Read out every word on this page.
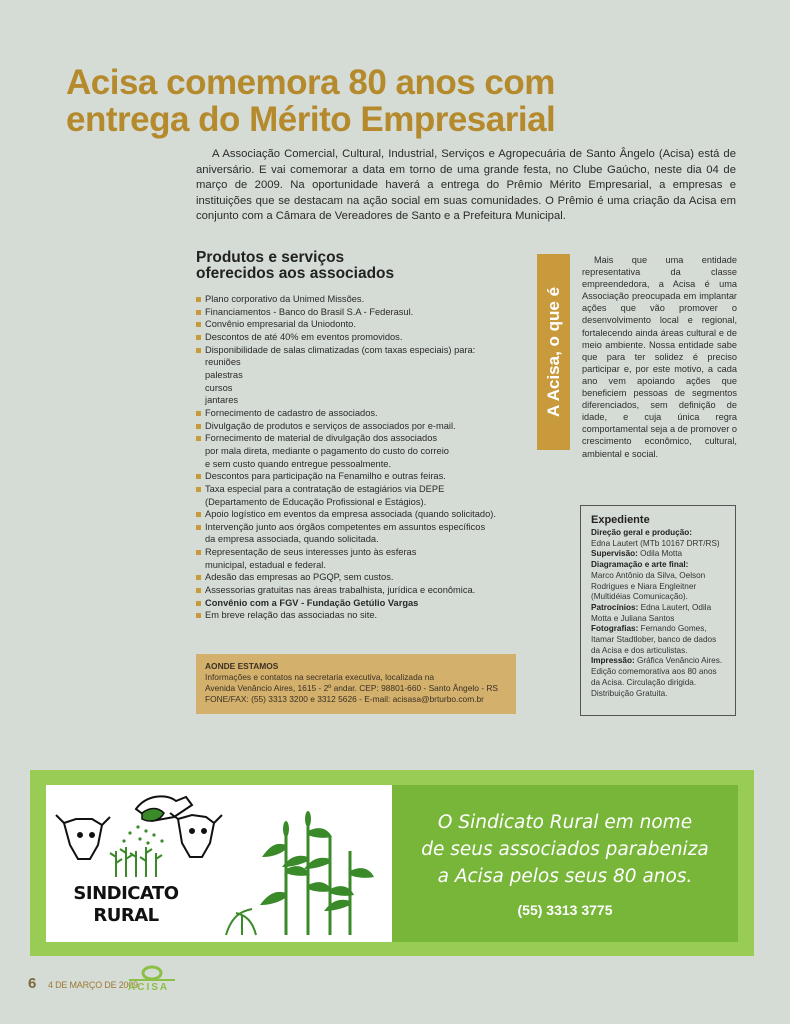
Acisa comemora 80 anos com
entrega do Mérito Empresarial

A Associação Comercial, Cultural, Industrial, Serviços e Agropecuária de Santo Ângelo (Acisa) está de aniversário. E vai comemorar a data em torno de uma grande festa, no Clube Gaúcho, neste dia 04 de março de 2009. Na oportunidade haverá a entrega do Prêmio Mérito Empresarial, a empresas e instituições que se destacam na ação social em suas comunidades. O Prêmio é uma criação da Acisa em conjunto com a Câmara de Vereadores de Santo e a Prefeitura Municipal.

Produtos e serviços
oferecidos aos associados
Plano corporativo da Unimed Missões.
Financiamentos - Banco do Brasil S.A - Federasul.
Convênio empresarial da Uniodonto.
Descontos de até 40% em eventos promovidos.
Disponibilidade de salas climatizadas (com taxas especiais) para:
reuniões
palestras
cursos
jantares
Fornecimento de cadastro de associados.
Divulgação de produtos e serviços de associados por e-mail.
Fornecimento de material de divulgação dos associados
por mala direta, mediante o pagamento do custo do correio
e sem custo quando entregue pessoalmente.
Descontos para participação na Fenamilho e outras feiras.
Taxa especial para a contratação de estagiários via DEPE
(Departamento de Educação Profissional e Estágios).
Apoio logístico em eventos da empresa associada (quando solicitado).
Intervenção junto aos órgãos competentes em assuntos específicos
da empresa associada, quando solicitada.
Representação de seus interesses junto às esferas
municipal, estadual e federal.
Adesão das empresas ao PGQP, sem custos.
Assessorias gratuitas nas áreas trabalhista, jurídica e econômica.
Convênio com a FGV - Fundação Getúlio Vargas
Em breve relação das associadas no site.
AONDE ESTAMOS
Informações e contatos na secretaria executiva, localizada na
Avenida Venâncio Aires, 1615 - 2º andar. CEP: 98801-660 - Santo Ângelo - RS
FONE/FAX: (55) 3313 3200 e 3312 5626 - E-mail: acisasa@brturbo.com.br
A Acisa, o que é

Mais que uma entidade representativa da classe empreendedora, a Acisa é uma Associação preocupada em implantar ações que vão promover o desenvolvimento local e regional, fortalecendo ainda áreas cultural e de meio ambiente. Nossa entidade sabe que para ter solidez é preciso participar e, por este motivo, a cada ano vem apoiando ações que beneficiem pessoas de segmentos diferenciados, sem definição de idade, e cuja única regra comportamental seja a de promover o crescimento econômico, cultural, ambiental e social.

Expediente
Direção geral e produção:
Edna Lautert (MTb 10167 DRT/RS)
Supervisão: Odila Motta
Diagramação e arte final:
Marco Antônio da Silva, Oelson Rodrigues e Niara Engleitner (Multidéias Comunicação).
Patrocínios: Edna Lautert, Odila Motta e Juliana Santos
Fotografias: Fernando Gomes, Itamar Stadtlober, banco de dados da Acisa e dos articulistas.
Impressão: Gráfica Venâncio Aires.
Edição comemorativa aos 80 anos da Acisa. Circulação dirigida. Distribuição Gratuita.
SINDICATO
RURAL
O Sindicato Rural em nome
de seus associados parabeniza
a Acisa pelos seus 80 anos.
(55) 3313 3775
6 4 DE MARÇO DE 2009
ACISA
